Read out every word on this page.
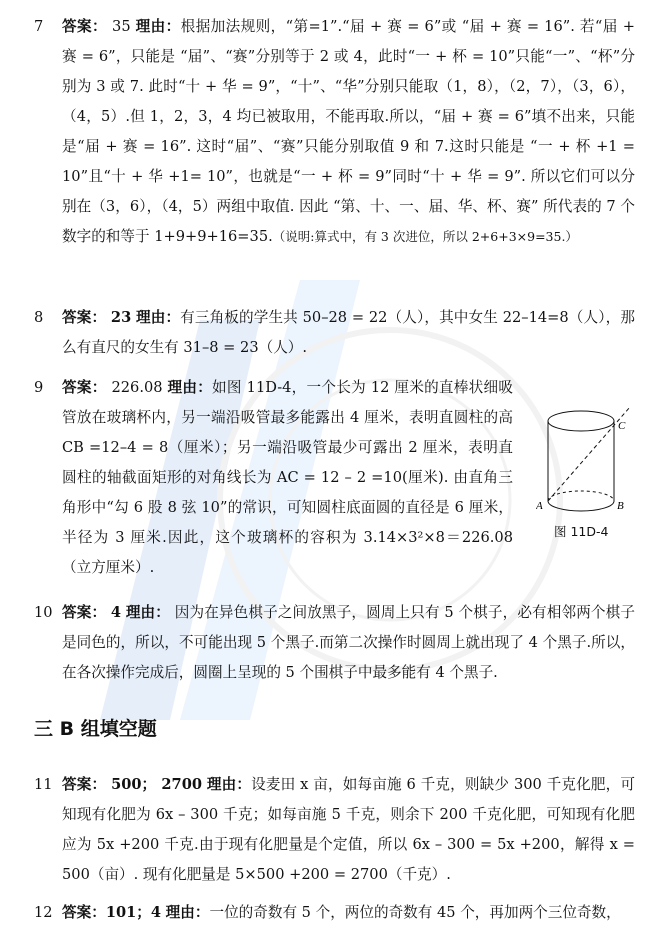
7 答案： 35 理由：根据加法规则，“第=1”.“届 + 赛 = 6”或 “届 + 赛 = 16”. 若“届 + 赛 = 6”，只能是 “届”、“赛”分别等于 2 或 4，此时“一 + 杯 = 10”只能“一”、“杯”分别为 3 或 7. 此时“十 + 华 = 9”，“十”、“华”分别只能取（1，8），（2，7），（3，6），（4，5）.但 1，2，3，4 均已被取用，不能再取.所以，“届 + 赛 = 6”填不出来，只能是“届 + 赛 = 16”. 这时“届”、“赛”只能分别取值 9 和 7.这时只能是 “一 + 杯 +1 = 10”且“十 + 华 +1= 10”，也就是“一 + 杯 = 9”同时“十 + 华 = 9”. 所以它们可以分别在（3，6），（4，5）两组中取值. 因此 “第、十、一、届、华、杯、赛” 所代表的 7 个数字的和等于 1+9+9+16=35.（说明:算式中，有 3 次进位，所以 2+6+3×9=35.）
8 答案： 23 理由：有三角板的学生共 50–28 = 22（人），其中女生 22–14=8（人），那么有直尺的女生有 31–8 = 23（人）.
9 答案： 226.08 理由：如图 11D-4，一个长为 12 厘米的直棒状细吸管放在玻璃杯内，另一端沿吸管最多能露出 4 厘米，表明直圆柱的高 CB =12–4 = 8（厘米）；另一端沿吸管最少可露出 2 厘米，表明直圆柱的轴截面矩形的对角线长为 AC = 12 – 2 =10(厘米). 由直角三角形中“勾 6 股 8 弦 10”的常识，可知圆柱底面圆的直径是 6 厘米，半径为 3 厘米.因此，这个玻璃杯的容积为 3.14×3²×8＝226.08（立方厘米）.
C
A	B
图 11D-4
10 答案： 4 理由： 因为在异色棋子之间放黑子，圆周上只有 5 个棋子，必有相邻两个棋子是同色的，所以，不可能出现 5 个黑子.而第二次操作时圆周上就出现了 4 个黑子.所以，在各次操作完成后，圆圈上呈现的 5 个围棋子中最多能有 4 个黑子.
三 B 组填空题
11 答案： 500； 2700 理由：设麦田 x 亩，如每亩施 6 千克，则缺少 300 千克化肥，可知现有化肥为 6x – 300 千克；如每亩施 5 千克，则余下 200 千克化肥，可知现有化肥应为 5x +200 千克.由于现有化肥量是个定值，所以 6x – 300 = 5x +200，解得 x = 500（亩）. 现有化肥量是 5×500 +200 = 2700（千克）.
12 答案：101；4 理由：一位的奇数有 5 个，两位的奇数有 45 个，再加两个三位奇数，
